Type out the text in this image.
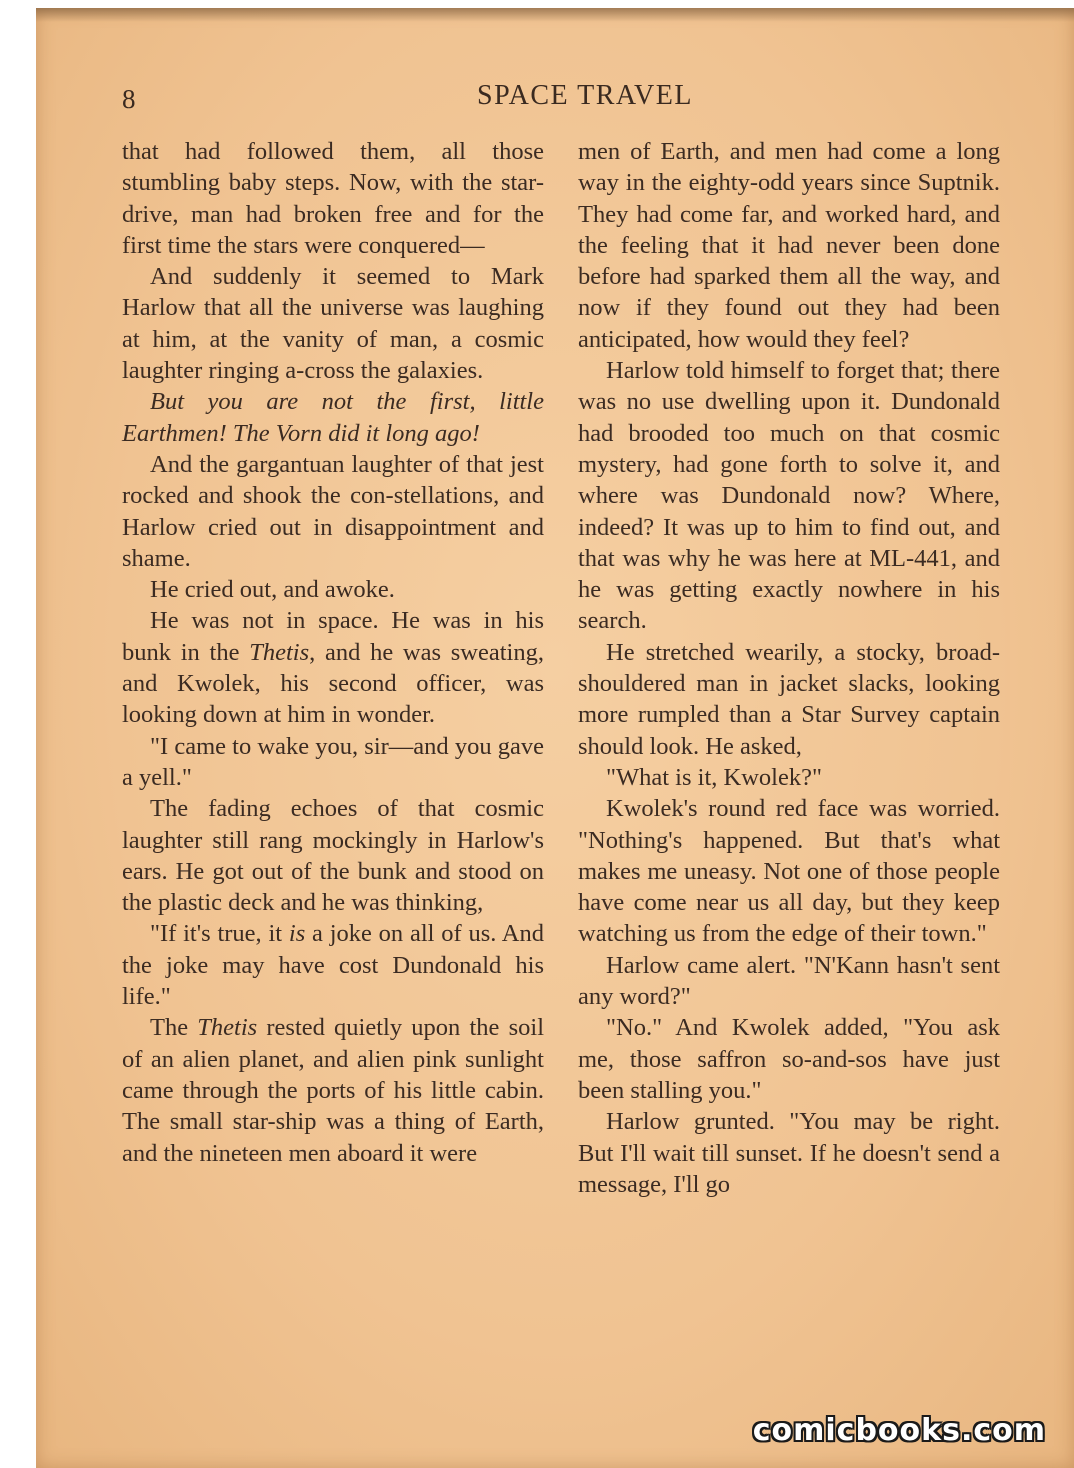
8	SPACE TRAVEL

that had followed them, all those stumbling baby steps. Now, with the star-drive, man had broken free and for the first time the stars were conquered—

And suddenly it seemed to Mark Harlow that all the universe was laughing at him, at the vanity of man, a cosmic laughter ringing a-cross the galaxies.

But you are not the first, little Earthmen! The Vorn did it long ago!

And the gargantuan laughter of that jest rocked and shook the con-stellations, and Harlow cried out in disappointment and shame.

He cried out, and awoke.

He was not in space. He was in his bunk in the Thetis, and he was sweating, and Kwolek, his second officer, was looking down at him in wonder.

"I came to wake you, sir—and you gave a yell."

The fading echoes of that cosmic laughter still rang mockingly in Harlow's ears. He got out of the bunk and stood on the plastic deck and he was thinking,

"If it's true, it is a joke on all of us. And the joke may have cost Dundonald his life."

The Thetis rested quietly upon the soil of an alien planet, and alien pink sunlight came through the ports of his little cabin. The small star-ship was a thing of Earth, and the nineteen men aboard it were

men of Earth, and men had come a long way in the eighty-odd years since Suptnik. They had come far, and worked hard, and the feeling that it had never been done before had sparked them all the way, and now if they found out they had been anticipated, how would they feel?

Harlow told himself to forget that; there was no use dwelling upon it. Dundonald had brooded too much on that cosmic mystery, had gone forth to solve it, and where was Dundonald now? Where, indeed? It was up to him to find out, and that was why he was here at ML-441, and he was getting exactly nowhere in his search.

He stretched wearily, a stocky, broad-shouldered man in jacket slacks, looking more rumpled than a Star Survey captain should look. He asked,

"What is it, Kwolek?"

Kwolek's round red face was worried. "Nothing's happened. But that's what makes me uneasy. Not one of those people have come near us all day, but they keep watching us from the edge of their town."

Harlow came alert. "N'Kann hasn't sent any word?"

"No." And Kwolek added, "You ask me, those saffron so-and-sos have just been stalling you."

Harlow grunted. "You may be right. But I'll wait till sunset. If he doesn't send a message, I'll go

comicbooks.com
